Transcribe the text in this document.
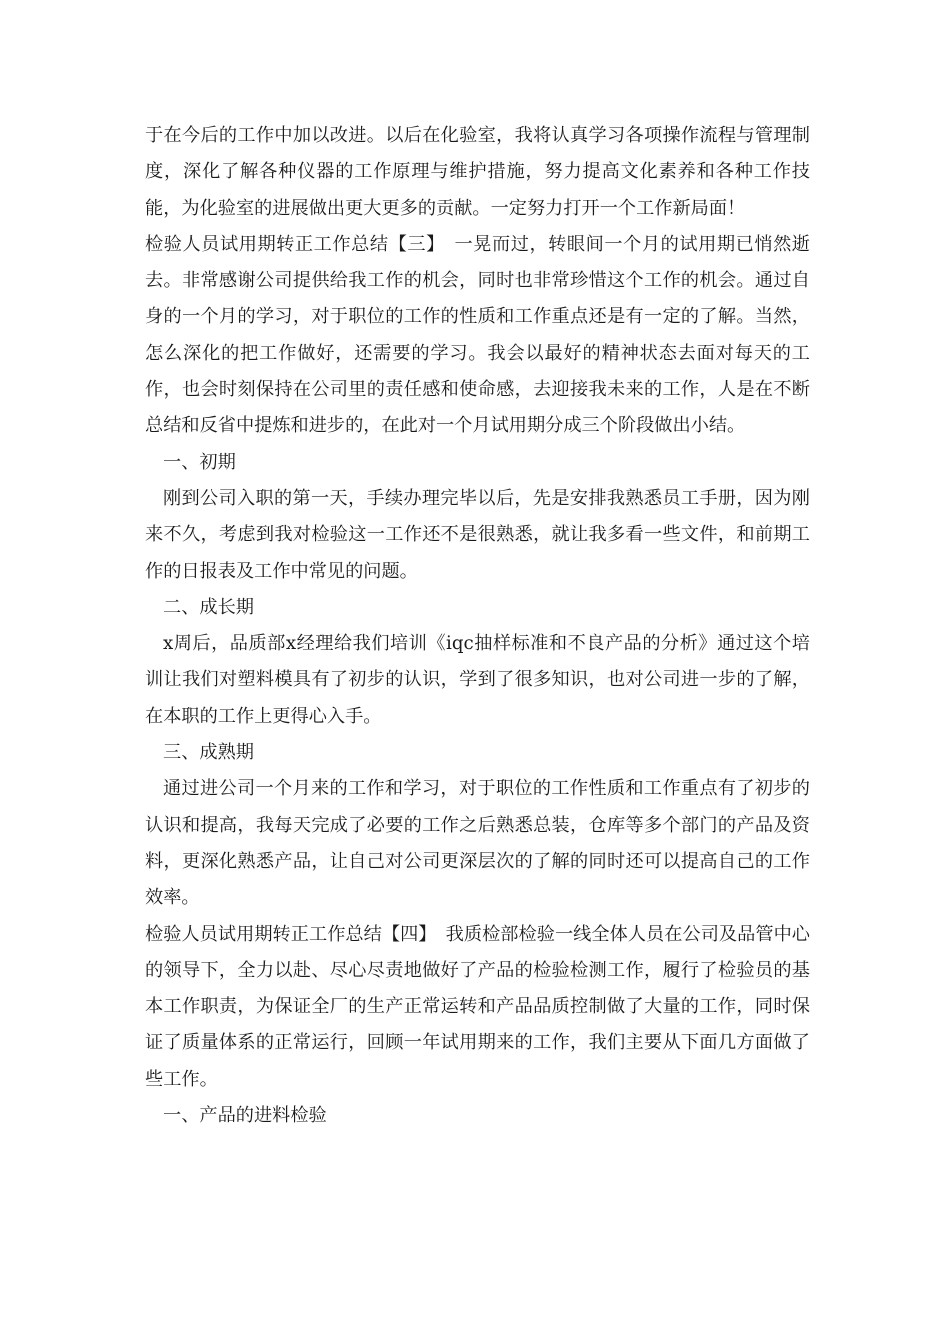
于在今后的工作中加以改进。以后在化验室，我将认真学习各项操作流程与管理制度，深化了解各种仪器的工作原理与维护措施，努力提高文化素养和各种工作技能，为化验室的进展做出更大更多的贡献。一定努力打开一个工作新局面！

检验人员试用期转正工作总结【三】　一晃而过，转眼间一个月的试用期已悄然逝去。非常感谢公司提供给我工作的机会，同时也非常珍惜这个工作的机会。通过自身的一个月的学习，对于职位的工作的性质和工作重点还是有一定的了解。当然，怎么深化的把工作做好，还需要的学习。我会以最好的精神状态去面对每天的工作，也会时刻保持在公司里的责任感和使命感，去迎接我未来的工作，人是在不断总结和反省中提炼和进步的，在此对一个月试用期分成三个阶段做出小结。

一、初期

刚到公司入职的第一天，手续办理完毕以后，先是安排我熟悉员工手册，因为刚来不久，考虑到我对检验这一工作还不是很熟悉，就让我多看一些文件，和前期工作的日报表及工作中常见的问题。

二、成长期

x周后，品质部x经理给我们培训《iqc抽样标准和不良产品的分析》通过这个培训让我们对塑料模具有了初步的认识，学到了很多知识，也对公司进一步的了解，在本职的工作上更得心入手。

三、成熟期

通过进公司一个月来的工作和学习，对于职位的工作性质和工作重点有了初步的认识和提高，我每天完成了必要的工作之后熟悉总装，仓库等多个部门的产品及资料，更深化熟悉产品，让自己对公司更深层次的了解的同时还可以提高自己的工作效率。

检验人员试用期转正工作总结【四】　我质检部检验一线全体人员在公司及品管中心的领导下，全力以赴、尽心尽责地做好了产品的检验检测工作，履行了检验员的基本工作职责，为保证全厂的生产正常运转和产品品质控制做了大量的工作，同时保证了质量体系的正常运行，回顾一年试用期来的工作，我们主要从下面几方面做了些工作。

一、产品的进料检验
